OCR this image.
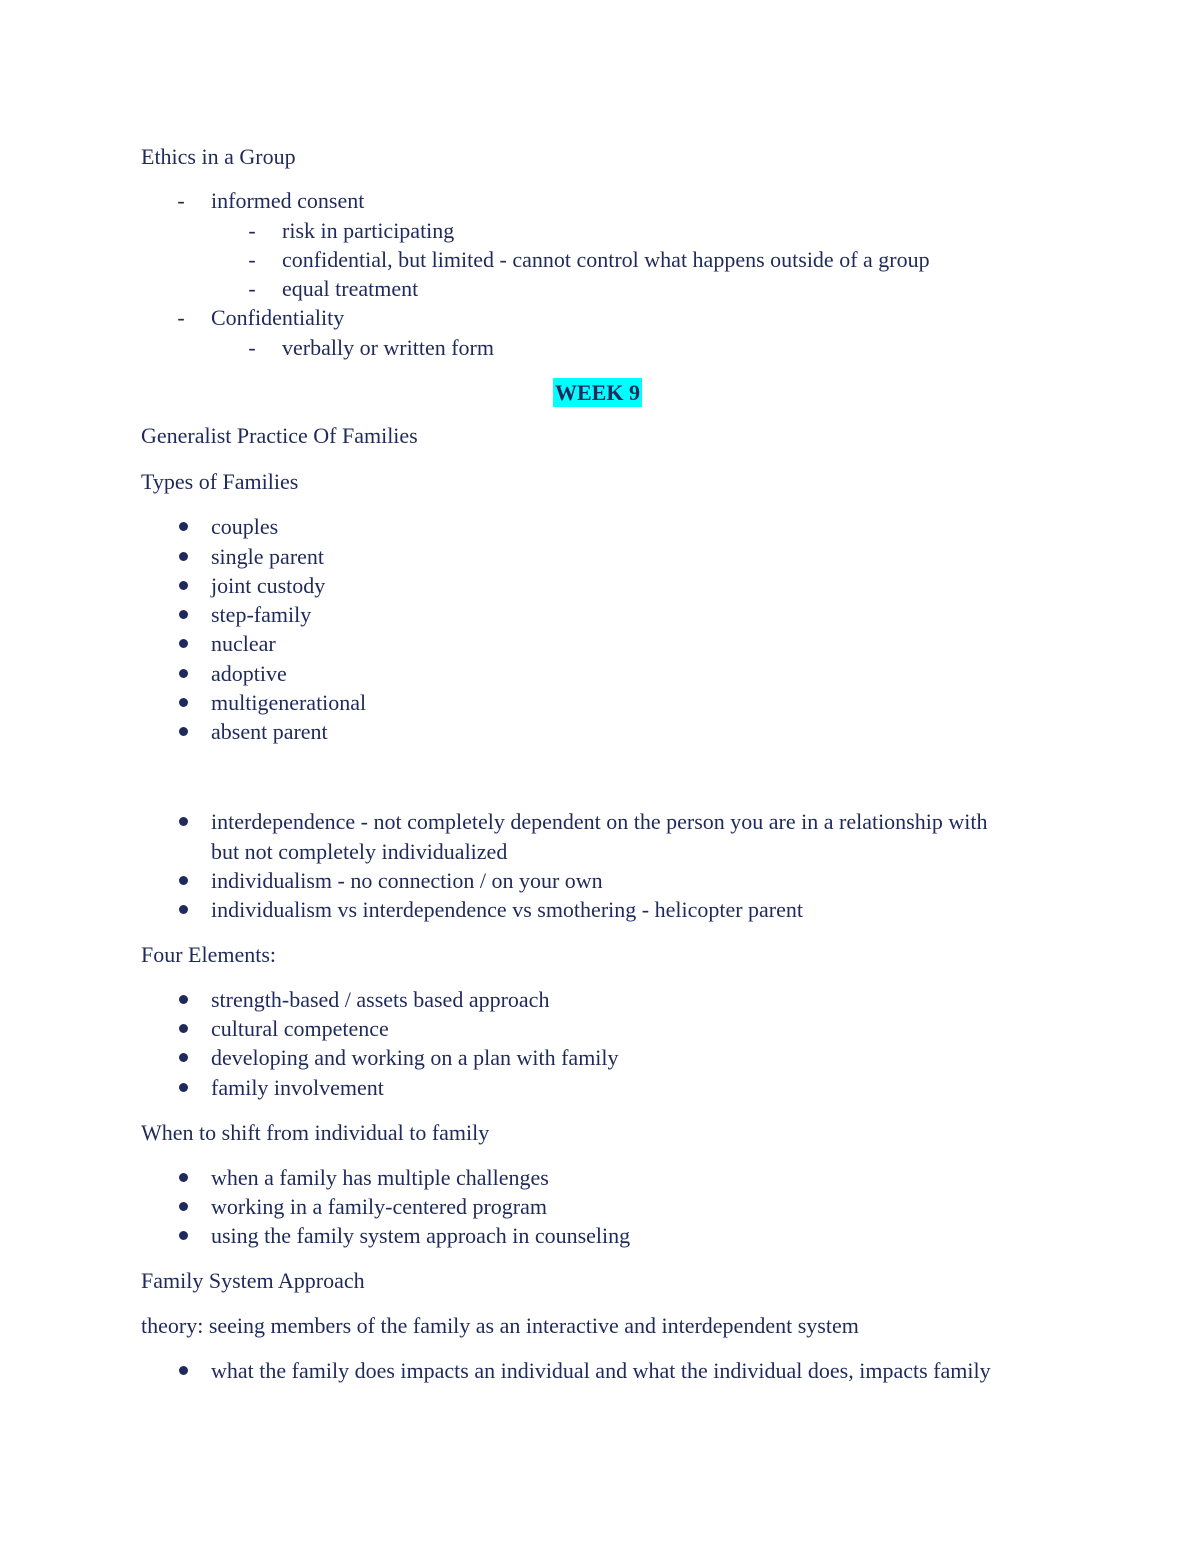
Ethics in a Group
- informed consent
- risk in participating
- confidential, but limited - cannot control what happens outside of a group
- equal treatment
- Confidentiality
- verbally or written form
WEEK 9
Generalist Practice Of Families
Types of Families
couples
single parent
joint custody
step-family
nuclear
adoptive
multigenerational
absent parent
interdependence - not completely dependent on the person you are in a relationship with
but not completely individualized
individualism - no connection / on your own
individualism vs interdependence vs smothering - helicopter parent
Four Elements:
strength-based / assets based approach
cultural competence
developing and working on a plan with family
family involvement
When to shift from individual to family
when a family has multiple challenges
working in a family-centered program
using the family system approach in counseling
Family System Approach
theory: seeing members of the family as an interactive and interdependent system
what the family does impacts an individual and what the individual does, impacts family
